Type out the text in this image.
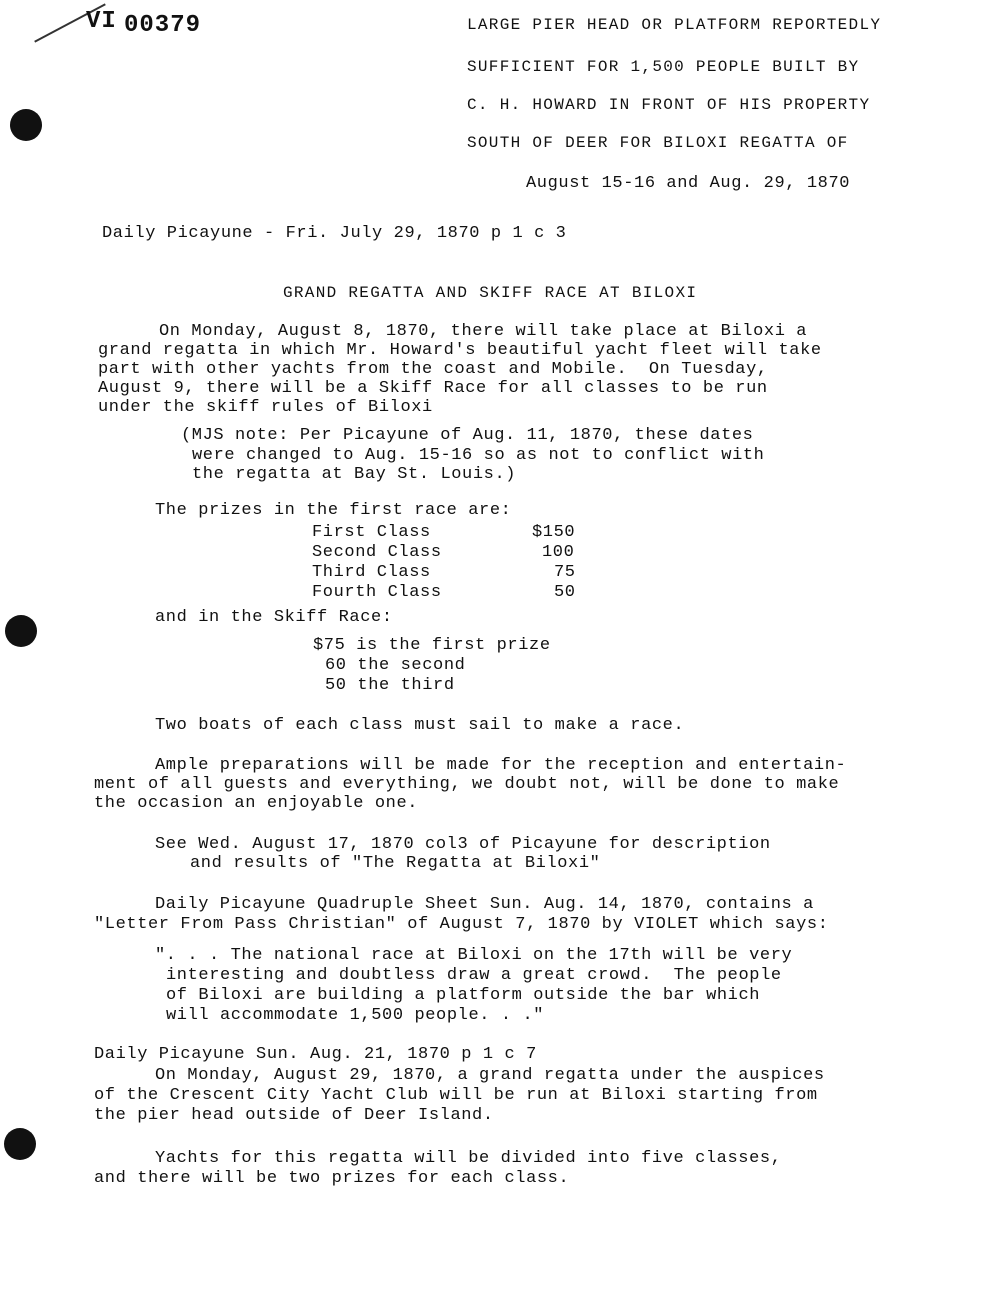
VI 00379	LARGE PIER HEAD OR PLATFORM REPORTEDLY
SUFFICIENT FOR 1,500 PEOPLE BUILT BY
C. H. HOWARD IN FRONT OF HIS PROPERTY
SOUTH OF DEER FOR BILOXI REGATTA OF
August 15-16 and Aug. 29, 1870
Daily Picayune - Fri. July 29, 1870 p 1 c 3
GRAND REGATTA AND SKIFF RACE AT BILOXI
On Monday, August 8, 1870, there will take place at Biloxi a
grand regatta in which Mr. Howard's beautiful yacht fleet will take
part with other yachts from the coast and Mobile.  On Tuesday,
August 9, there will be a Skiff Race for all classes to be run
under the skiff rules of Biloxi
(MJS note: Per Picayune of Aug. 11, 1870, these dates
were changed to Aug. 15-16 so as not to conflict with
the regatta at Bay St. Louis.)
The prizes in the first race are:
First Class	$150
Second Class	100
Third Class	75
Fourth Class	50
and in the Skiff Race:
$75 is the first prize
60 the second
50 the third
Two boats of each class must sail to make a race.
Ample preparations will be made for the reception and entertain-
ment of all guests and everything, we doubt not, will be done to make
the occasion an enjoyable one.
See Wed. August 17, 1870 col3 of Picayune for description
and results of "The Regatta at Biloxi"
Daily Picayune Quadruple Sheet Sun. Aug. 14, 1870, contains a
"Letter From Pass Christian" of August 7, 1870 by VIOLET which says:
". . . The national race at Biloxi on the 17th will be very
interesting and doubtless draw a great crowd.  The people
of Biloxi are building a platform outside the bar which
will accommodate 1,500 people. . ."
Daily Picayune Sun. Aug. 21, 1870 p 1 c 7
On Monday, August 29, 1870, a grand regatta under the auspices
of the Crescent City Yacht Club will be run at Biloxi starting from
the pier head outside of Deer Island.
Yachts for this regatta will be divided into five classes,
and there will be two prizes for each class.
